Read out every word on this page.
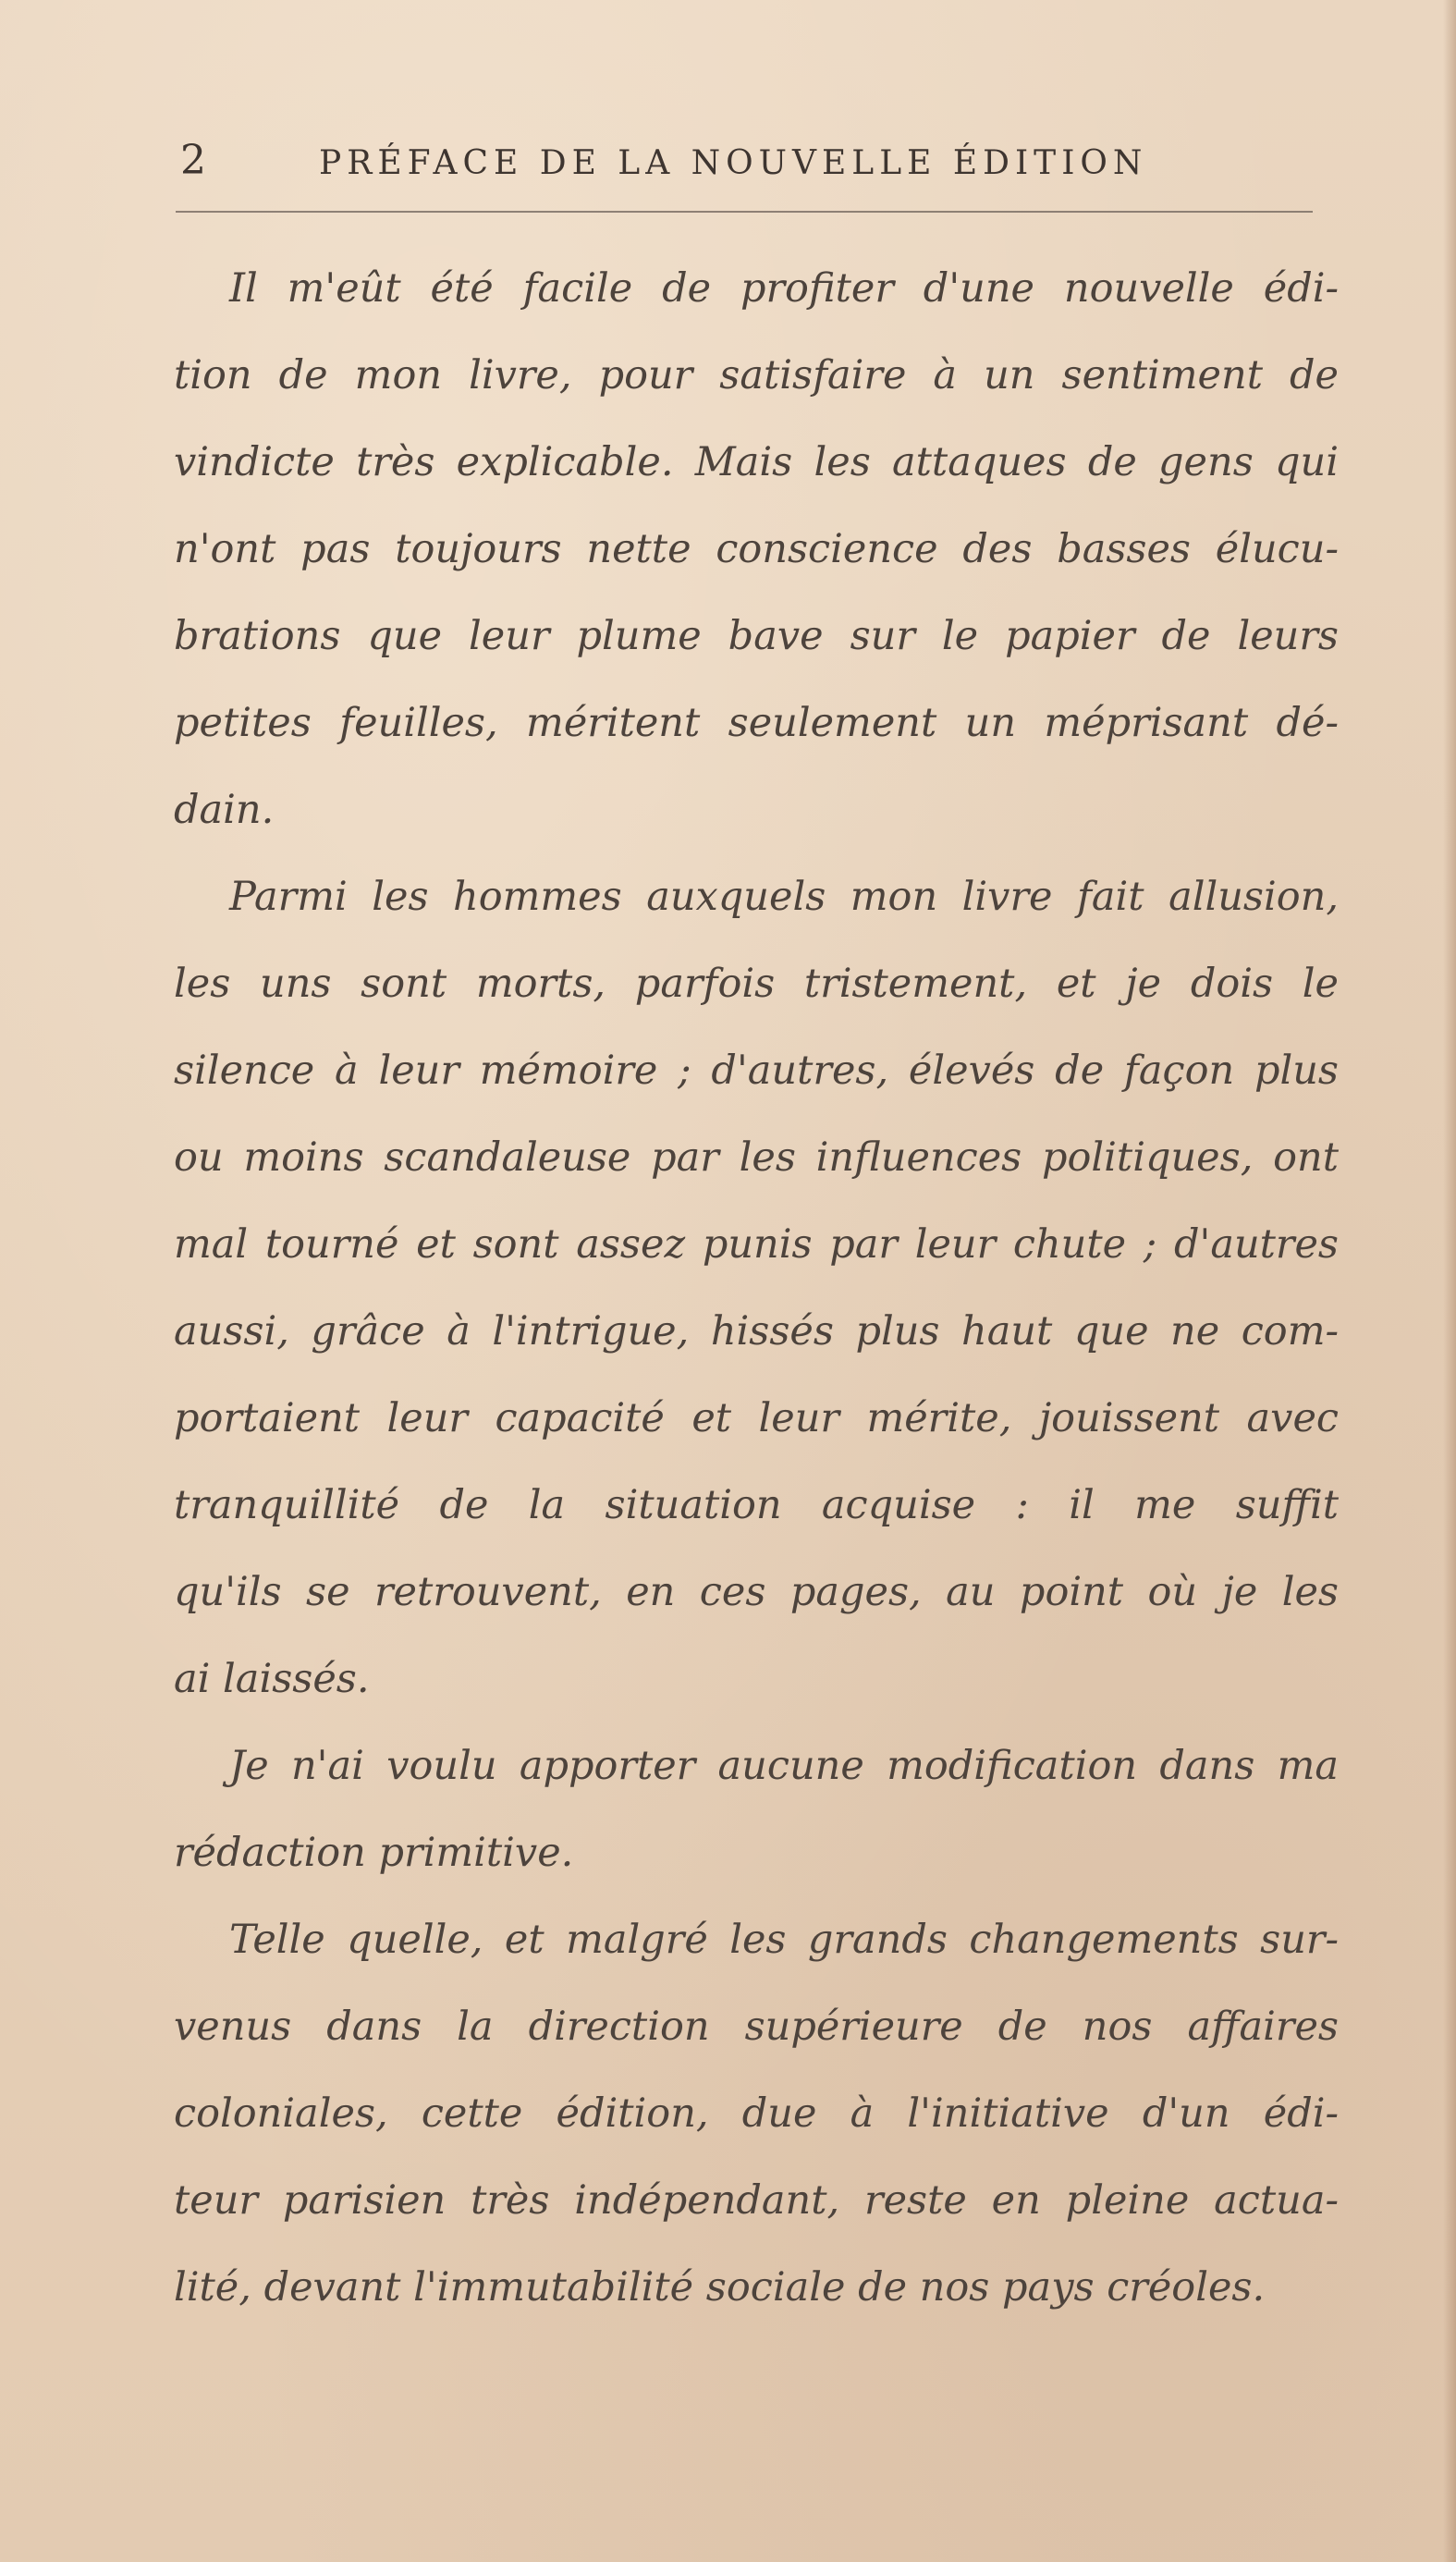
2	PRÉFACE DE LA NOUVELLE ÉDITION
Il m'eût été facile de profiter d'une nouvelle édi-
tion de mon livre, pour satisfaire à un sentiment de
vindicte très explicable. Mais les attaques de gens qui
n'ont pas toujours nette conscience des basses élucu-
brations que leur plume bave sur le papier de leurs
petites feuilles, méritent seulement un méprisant dé-
dain.
Parmi les hommes auxquels mon livre fait allusion,
les uns sont morts, parfois tristement, et je dois le
silence à leur mémoire ; d'autres, élevés de façon plus
ou moins scandaleuse par les influences politiques, ont
mal tourné et sont assez punis par leur chute ; d'autres
aussi, grâce à l'intrigue, hissés plus haut que ne com-
portaient leur capacité et leur mérite, jouissent avec
tranquillité de la situation acquise : il me suffit
qu'ils se retrouvent, en ces pages, au point où je les
ai laissés.
Je n'ai voulu apporter aucune modification dans ma
rédaction primitive.
Telle quelle, et malgré les grands changements sur-
venus dans la direction supérieure de nos affaires
coloniales, cette édition, due à l'initiative d'un édi-
teur parisien très indépendant, reste en pleine actua-
lité, devant l'immutabilité sociale de nos pays créoles.
